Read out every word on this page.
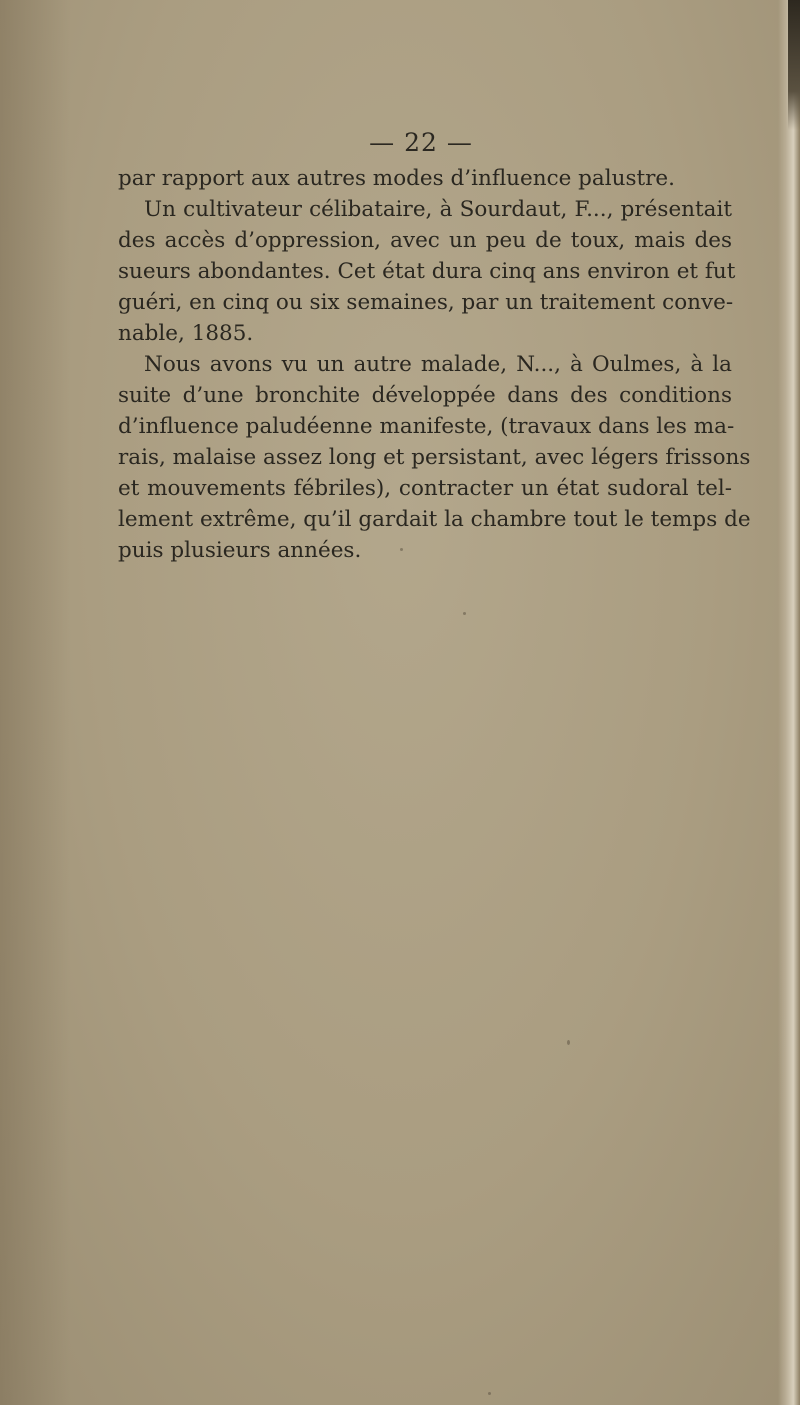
— 22 —
par rapport aux autres modes d’influence palustre.
Un cultivateur célibataire, à Sourdaut, F..., présentait
des accès d’oppression, avec un peu de toux, mais des
sueurs abondantes. Cet état dura cinq ans environ et fut
guéri, en cinq ou six semaines, par un traitement conve-
nable, 1885.
Nous avons vu un autre malade, N..., à Oulmes, à la
suite d’une bronchite développée dans des conditions
d’influence paludéenne manifeste, (travaux dans les ma-
rais, malaise assez long et persistant, avec légers frissons
et mouvements fébriles), contracter un état sudoral tel-
lement extrême, qu’il gardait la chambre tout le temps de
puis plusieurs années.
